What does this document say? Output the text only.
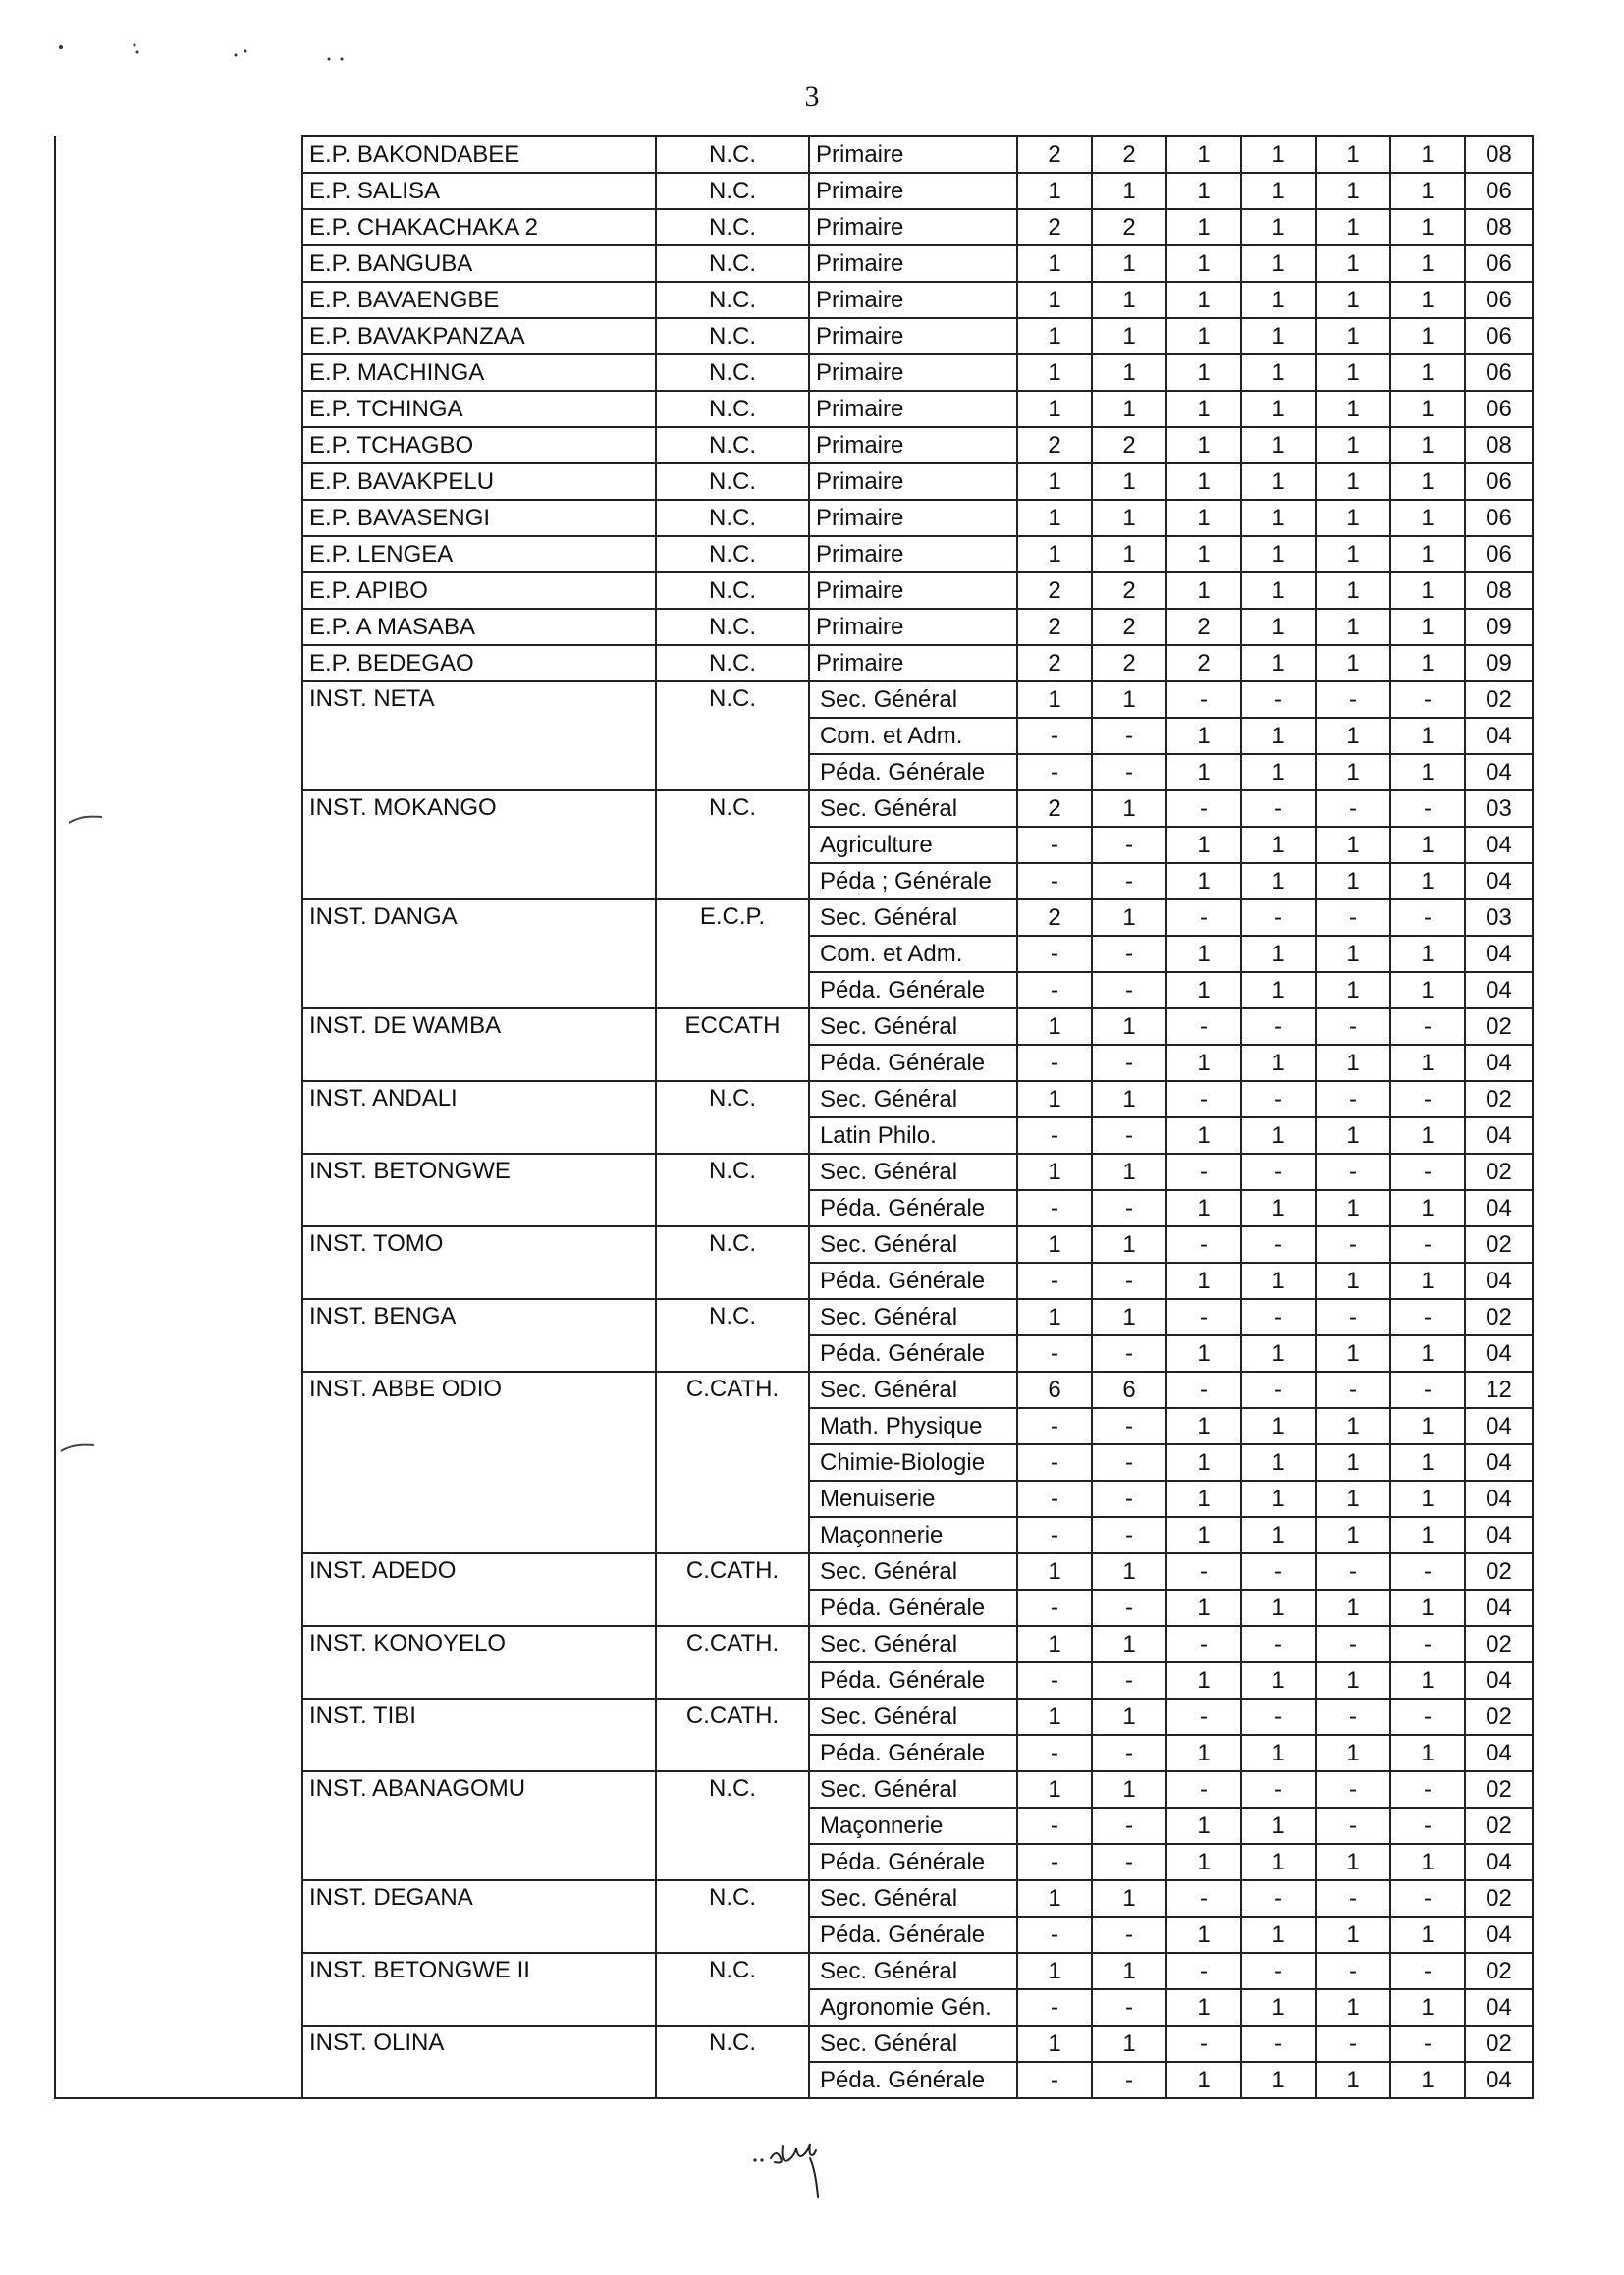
3
	E.P. BAKONDABEE	N.C.	Primaire	2	2	1	1	1	1	08
	E.P. SALISA	N.C.	Primaire	1	1	1	1	1	1	06
	E.P. CHAKACHAKA 2	N.C.	Primaire	2	2	1	1	1	1	08
	E.P. BANGUBA	N.C.	Primaire	1	1	1	1	1	1	06
	E.P. BAVAENGBE	N.C.	Primaire	1	1	1	1	1	1	06
	E.P. BAVAKPANZAA	N.C.	Primaire	1	1	1	1	1	1	06
	E.P. MACHINGA	N.C.	Primaire	1	1	1	1	1	1	06
	E.P. TCHINGA	N.C.	Primaire	1	1	1	1	1	1	06
	E.P. TCHAGBO	N.C.	Primaire	2	2	1	1	1	1	08
	E.P. BAVAKPELU	N.C.	Primaire	1	1	1	1	1	1	06
	E.P. BAVASENGI	N.C.	Primaire	1	1	1	1	1	1	06
	E.P. LENGEA	N.C.	Primaire	1	1	1	1	1	1	06
	E.P. APIBO	N.C.	Primaire	2	2	1	1	1	1	08
	E.P. A MASABA	N.C.	Primaire	2	2	2	1	1	1	09
	E.P. BEDEGAO	N.C.	Primaire	2	2	2	1	1	1	09
	INST. NETA	N.C.	Sec. Général	1	1	-	-	-	-	02
			Com. et Adm.	-	-	1	1	1	1	04
			Péda. Générale	-	-	1	1	1	1	04
	INST. MOKANGO	N.C.	Sec. Général	2	1	-	-	-	-	03
			Agriculture	-	-	1	1	1	1	04
			Péda ; Générale	-	-	1	1	1	1	04
	INST. DANGA	E.C.P.	Sec. Général	2	1	-	-	-	-	03
			Com. et Adm.	-	-	1	1	1	1	04
			Péda. Générale	-	-	1	1	1	1	04
	INST. DE WAMBA	ECCATH	Sec. Général	1	1	-	-	-	-	02
			Péda. Générale	-	-	1	1	1	1	04
	INST. ANDALI	N.C.	Sec. Général	1	1	-	-	-	-	02
			Latin Philo.	-	-	1	1	1	1	04
	INST. BETONGWE	N.C.	Sec. Général	1	1	-	-	-	-	02
			Péda. Générale	-	-	1	1	1	1	04
	INST. TOMO	N.C.	Sec. Général	1	1	-	-	-	-	02
			Péda. Générale	-	-	1	1	1	1	04
	INST. BENGA	N.C.	Sec. Général	1	1	-	-	-	-	02
			Péda. Générale	-	-	1	1	1	1	04
	INST. ABBE ODIO	C.CATH.	Sec. Général	6	6	-	-	-	-	12
			Math. Physique	-	-	1	1	1	1	04
			Chimie-Biologie	-	-	1	1	1	1	04
			Menuiserie	-	-	1	1	1	1	04
			Maçonnerie	-	-	1	1	1	1	04
	INST. ADEDO	C.CATH.	Sec. Général	1	1	-	-	-	-	02
			Péda. Générale	-	-	1	1	1	1	04
	INST. KONOYELO	C.CATH.	Sec. Général	1	1	-	-	-	-	02
			Péda. Générale	-	-	1	1	1	1	04
	INST. TIBI	C.CATH.	Sec. Général	1	1	-	-	-	-	02
			Péda. Générale	-	-	1	1	1	1	04
	INST. ABANAGOMU	N.C.	Sec. Général	1	1	-	-	-	-	02
			Maçonnerie	-	-	1	1	-	-	02
			Péda. Générale	-	-	1	1	1	1	04
	INST. DEGANA	N.C.	Sec. Général	1	1	-	-	-	-	02
			Péda. Générale	-	-	1	1	1	1	04
	INST. BETONGWE II	N.C.	Sec. Général	1	1	-	-	-	-	02
			Agronomie Gén.	-	-	1	1	1	1	04
	INST. OLINA	N.C.	Sec. Général	1	1	-	-	-	-	02
			Péda. Générale	-	-	1	1	1	1	04
